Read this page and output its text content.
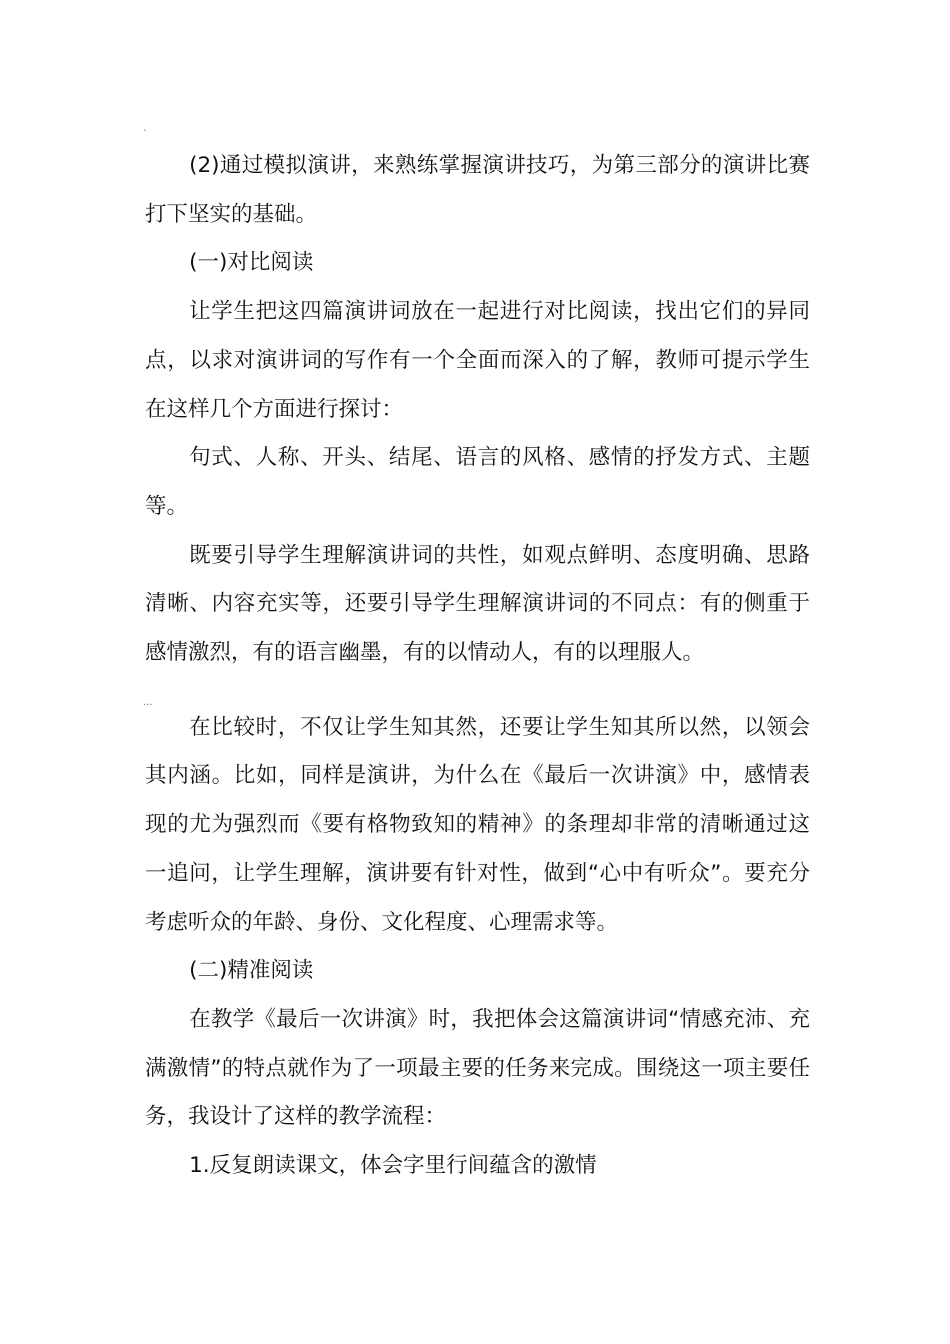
`
...

(2)通过模拟演讲，来熟练掌握演讲技巧，为第三部分的演讲比赛打下坚实的基础。

(一)对比阅读

让学生把这四篇演讲词放在一起进行对比阅读，找出它们的异同点，以求对演讲词的写作有一个全面而深入的了解，教师可提示学生在这样几个方面进行探讨：

句式、人称、开头、结尾、语言的风格、感情的抒发方式、主题等。

既要引导学生理解演讲词的共性，如观点鲜明、态度明确、思路清晰、内容充实等，还要引导学生理解演讲词的不同点：有的侧重于感情激烈，有的语言幽墨，有的以情动人，有的以理服人。

在比较时，不仅让学生知其然，还要让学生知其所以然，以领会其内涵。比如，同样是演讲，为什么在《最后一次讲演》中，感情表现的尤为强烈而《要有格物致知的精神》的条理却非常的清晰通过这一追问，让学生理解，演讲要有针对性，做到“心中有听众”。要充分考虑听众的年龄、身份、文化程度、心理需求等。

(二)精准阅读

在教学《最后一次讲演》时，我把体会这篇演讲词“情感充沛、充满激情”的特点就作为了一项最主要的任务来完成。围绕这一项主要任务，我设计了这样的教学流程：

1.反复朗读课文，体会字里行间蕴含的激情
